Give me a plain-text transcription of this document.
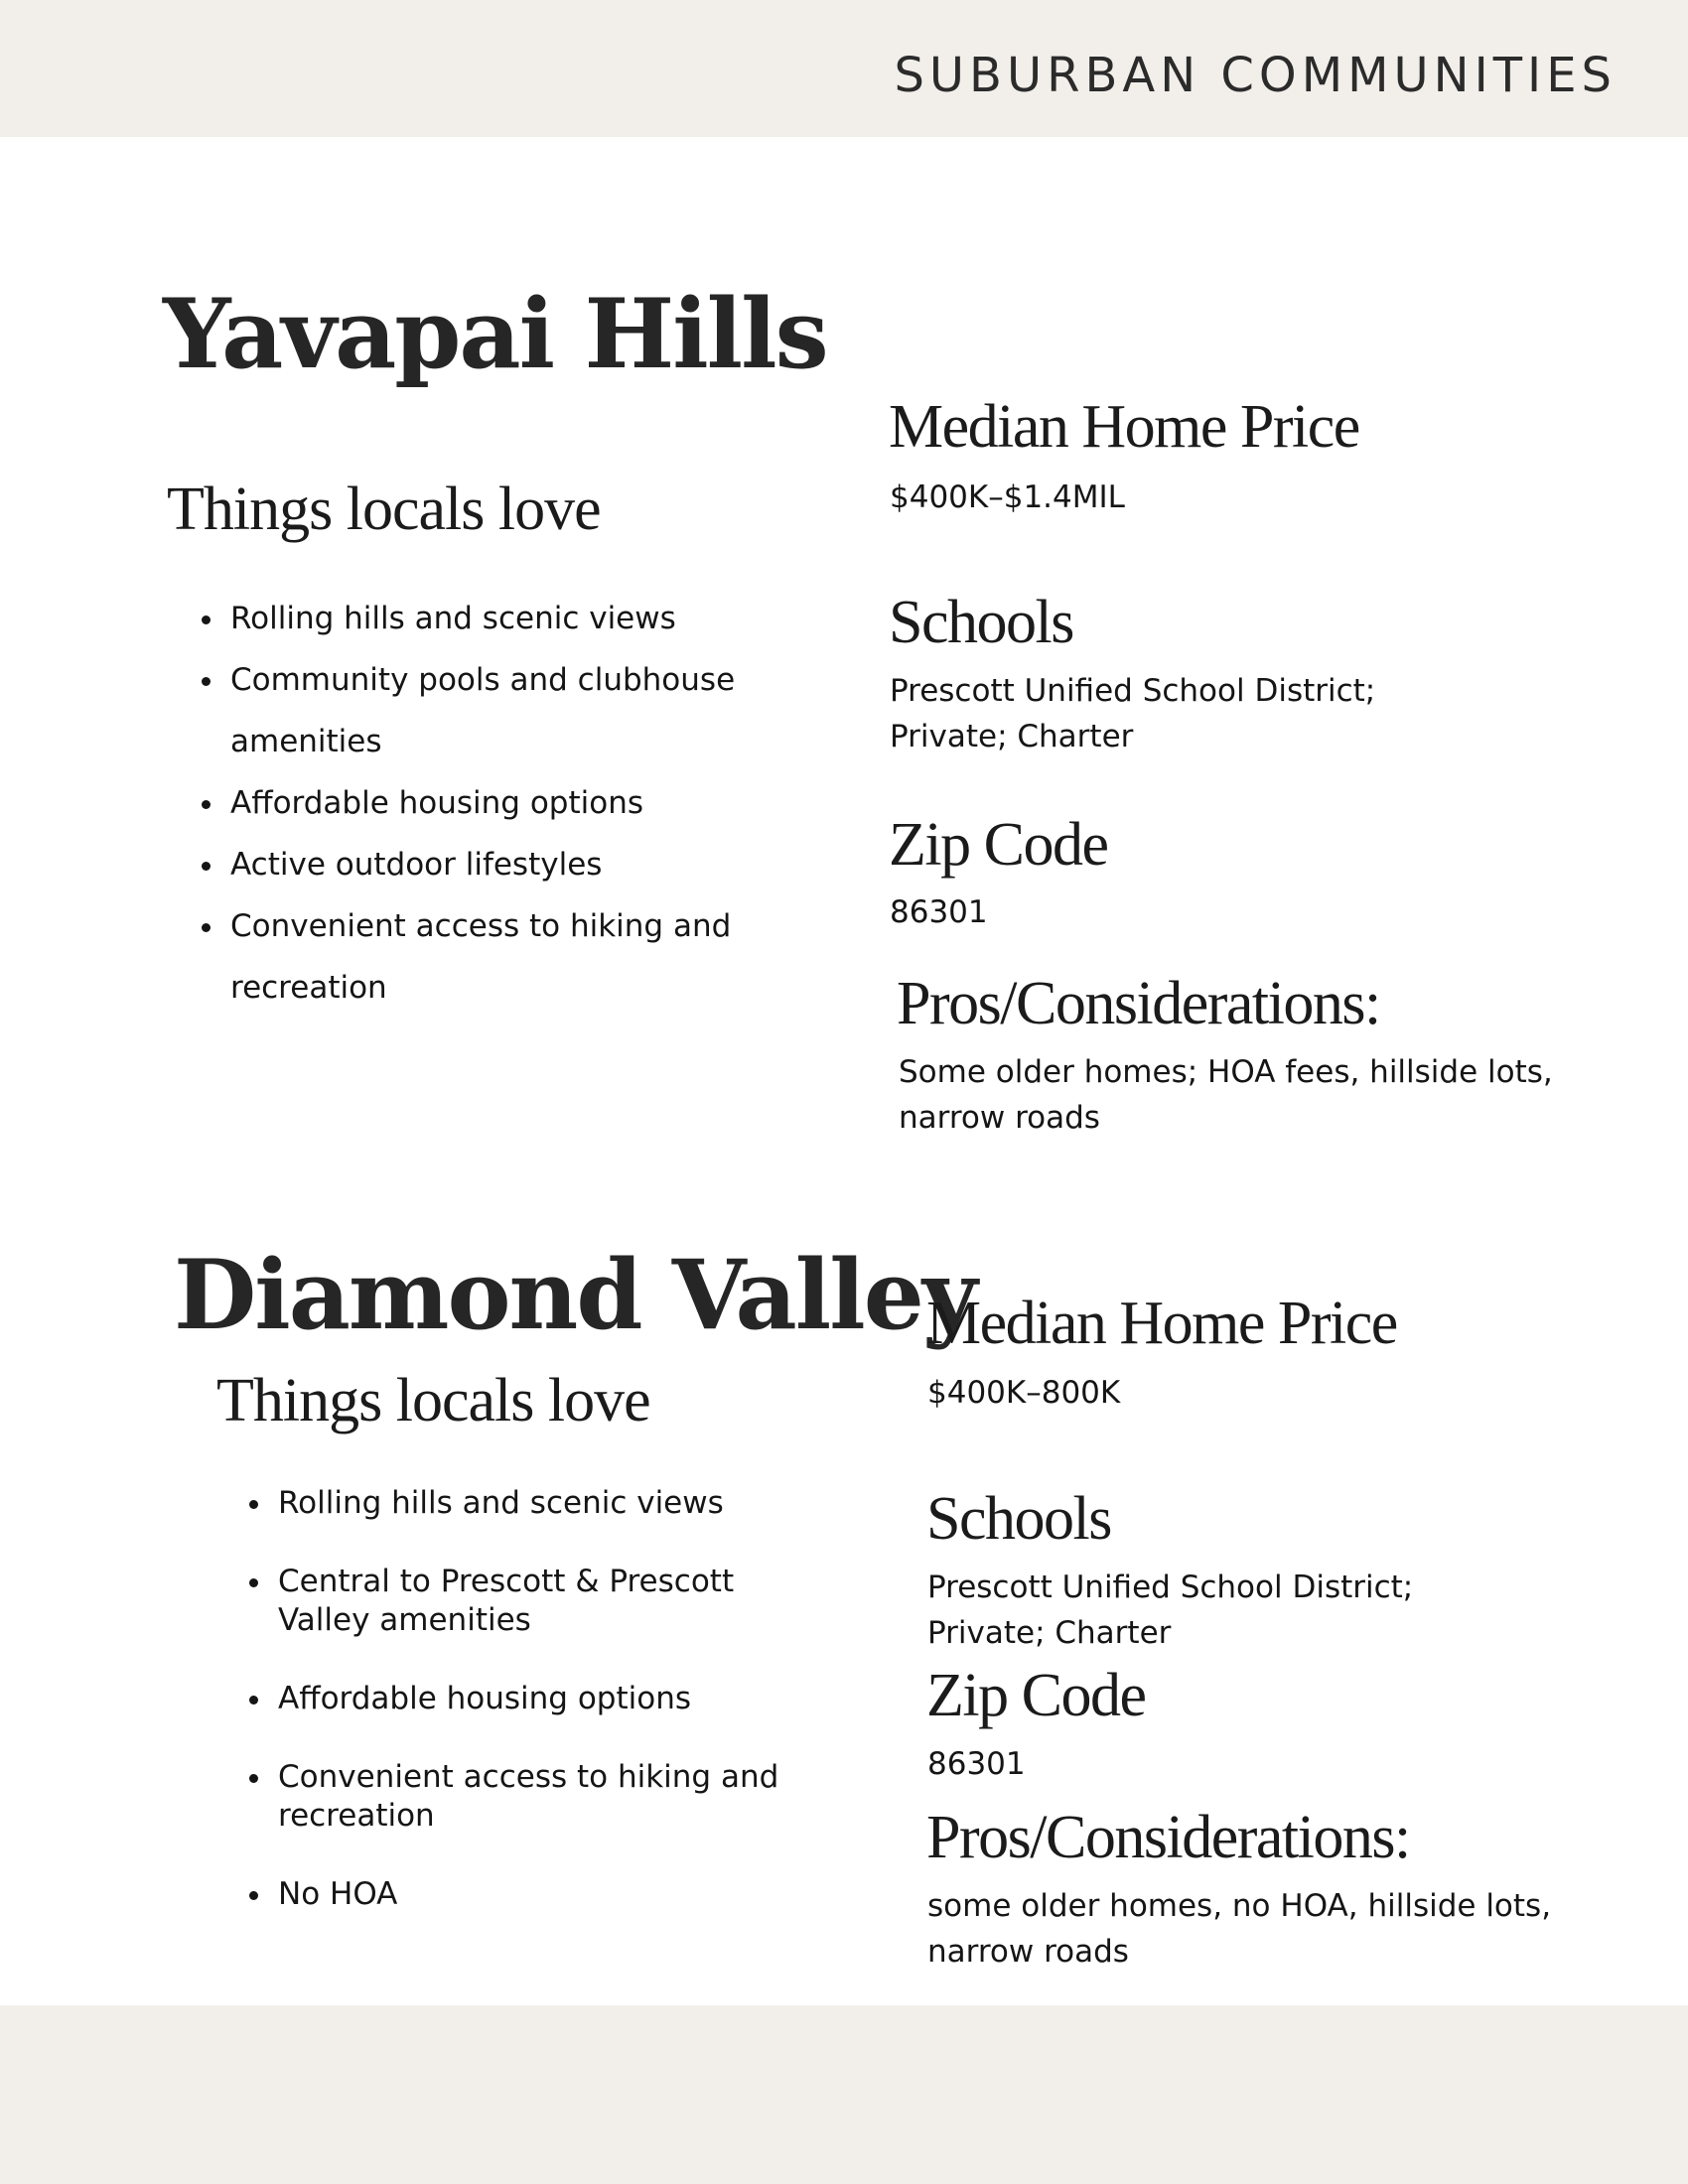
SUBURBAN COMMUNITIES
Yavapai Hills
Things locals love
• Rolling hills and scenic views
• Community pools and clubhouse amenities
• Affordable housing options
• Active outdoor lifestyles
• Convenient access to hiking and recreation
Median Home Price
$400K–$1.4MIL
Schools
Prescott Unified School District; Private; Charter
Zip Code
86301
Pros/Considerations:
Some older homes; HOA fees, hillside lots, narrow roads
Diamond Valley
Things locals love
• Rolling hills and scenic views
• Central to Prescott & Prescott Valley amenities
• Affordable housing options
• Convenient access to hiking and recreation
• No HOA
Median Home Price
$400K–800K
Schools
Prescott Unified School District; Private; Charter
Zip Code
86301
Pros/Considerations:
some older homes, no HOA, hillside lots, narrow roads
